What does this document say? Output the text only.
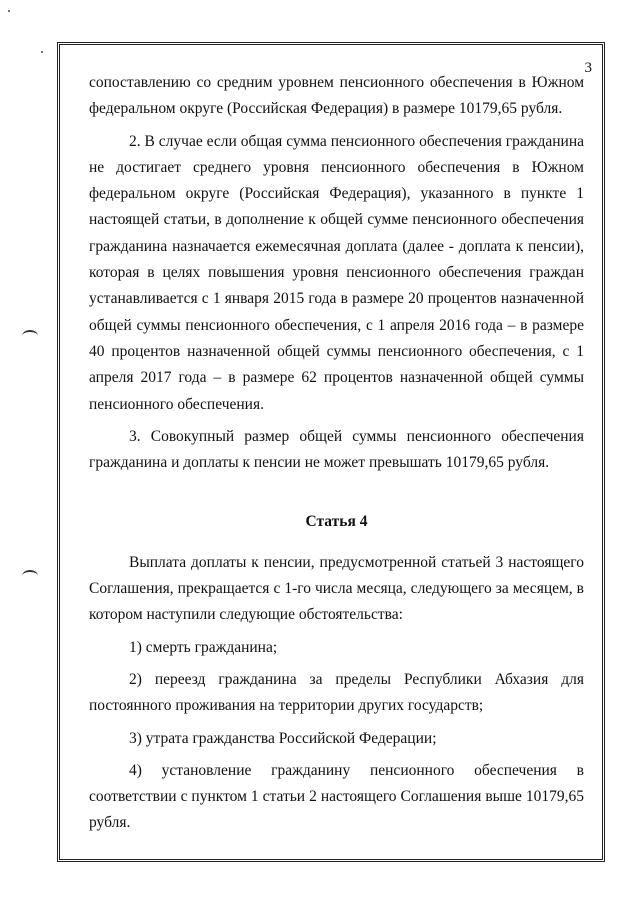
3

сопоставлению со средним уровнем пенсионного обеспечения в Южном федеральном округе (Российская Федерация) в размере 10179,65 рубля.

2. В случае если общая сумма пенсионного обеспечения гражданина не достигает среднего уровня пенсионного обеспечения в Южном федеральном округе (Российская Федерация), указанного в пункте 1 настоящей статьи, в дополнение к общей сумме пенсионного обеспечения гражданина назначается ежемесячная доплата (далее - доплата к пенсии), которая в целях повышения уровня пенсионного обеспечения граждан устанавливается с 1 января 2015 года в размере 20 процентов назначенной общей суммы пенсионного обеспечения, с 1 апреля 2016 года – в размере 40 процентов назначенной общей суммы пенсионного обеспечения, с 1 апреля 2017 года – в размере 62 процентов назначенной общей суммы пенсионного обеспечения.

3. Совокупный размер общей суммы пенсионного обеспечения гражданина и доплаты к пенсии не может превышать 10179,65 рубля.

Статья 4

Выплата доплаты к пенсии, предусмотренной статьей 3 настоящего Соглашения, прекращается с 1-го числа месяца, следующего за месяцем, в котором наступили следующие обстоятельства:

1) смерть гражданина;

2) переезд гражданина за пределы Республики Абхазия для постоянного проживания на территории других государств;

3) утрата гражданства Российской Федерации;

4) установление гражданину пенсионного обеспечения в соответствии с пунктом 1 статьи 2 настоящего Соглашения выше 10179,65 рубля.
